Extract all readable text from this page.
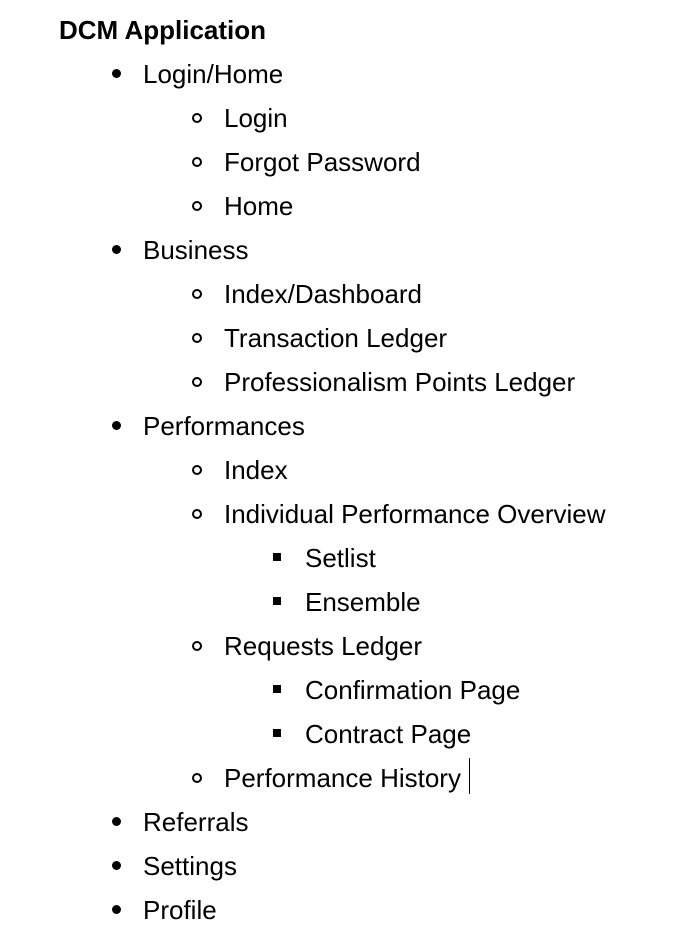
DCM Application
Login/Home
Login
Forgot Password
Home
Business
Index/Dashboard
Transaction Ledger
Professionalism Points Ledger
Performances
Index
Individual Performance Overview
Setlist
Ensemble
Requests Ledger
Confirmation Page
Contract Page
Performance History
Referrals
Settings
Profile
